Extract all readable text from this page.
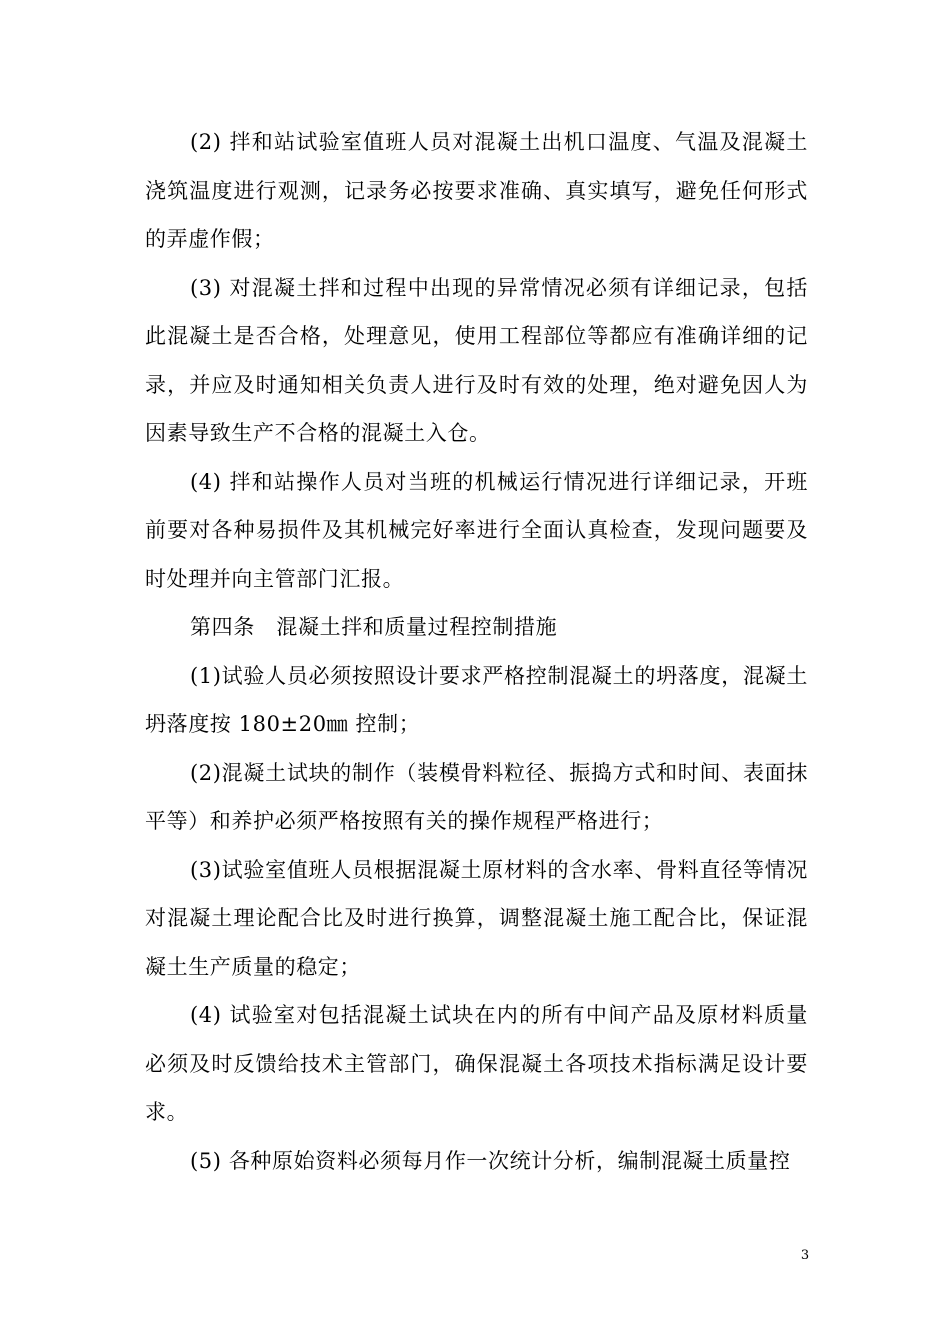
(2) 拌和站试验室值班人员对混凝土出机口温度、气温及混凝土浇筑温度进行观测，记录务必按要求准确、真实填写，避免任何形式的弄虚作假；

(3) 对混凝土拌和过程中出现的异常情况必须有详细记录，包括此混凝土是否合格，处理意见，使用工程部位等都应有准确详细的记录，并应及时通知相关负责人进行及时有效的处理，绝对避免因人为因素导致生产不合格的混凝土入仓。

(4) 拌和站操作人员对当班的机械运行情况进行详细记录，开班前要对各种易损件及其机械完好率进行全面认真检查，发现问题要及时处理并向主管部门汇报。

第四条　混凝土拌和质量过程控制措施

(1)试验人员必须按照设计要求严格控制混凝土的坍落度，混凝土坍落度按 180±20㎜ 控制；

(2)混凝土试块的制作（装模骨料粒径、振捣方式和时间、表面抹平等）和养护必须严格按照有关的操作规程严格进行；

(3)试验室值班人员根据混凝土原材料的含水率、骨料直径等情况对混凝土理论配合比及时进行换算，调整混凝土施工配合比，保证混凝土生产质量的稳定；

(4) 试验室对包括混凝土试块在内的所有中间产品及原材料质量必须及时反馈给技术主管部门，确保混凝土各项技术指标满足设计要求。

(5) 各种原始资料必须每月作一次统计分析，编制混凝土质量控

3
